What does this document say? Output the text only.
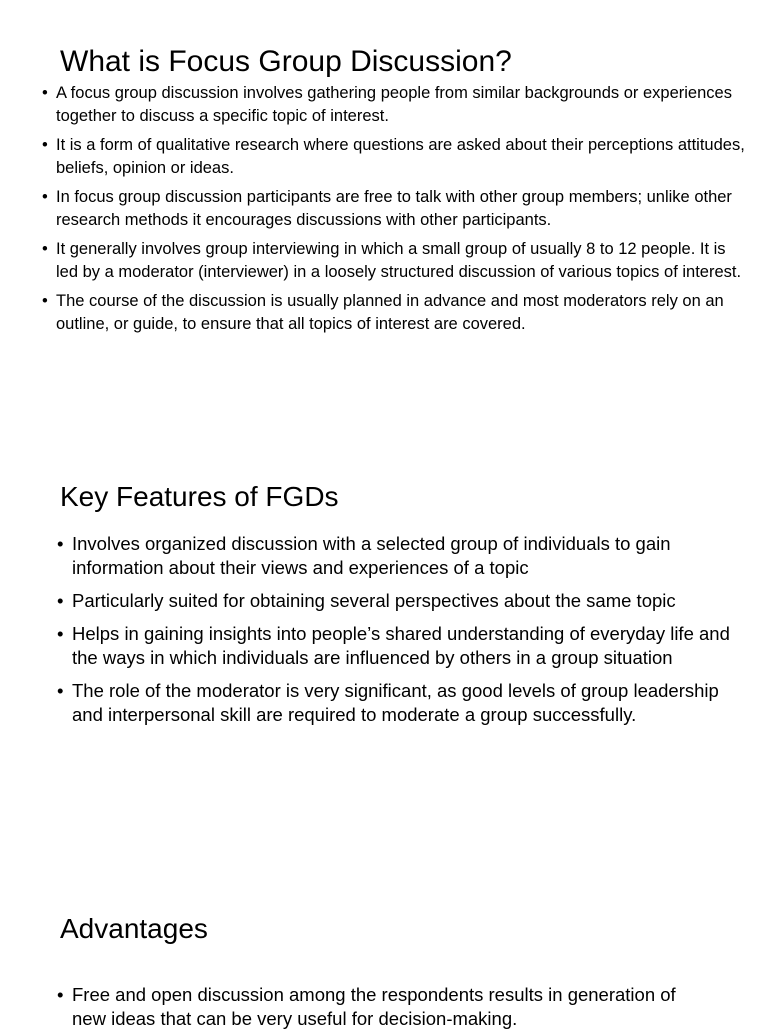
What is Focus Group Discussion?
• A focus group discussion involves gathering people from similar backgrounds or experiences together to discuss a specific topic of interest.
• It is a form of qualitative research where questions are asked about their perceptions attitudes, beliefs, opinion or ideas.
• In focus group discussion participants are free to talk with other group members; unlike other research methods it encourages discussions with other participants.
• It generally involves group interviewing in which a small group of usually 8 to 12 people. It is led by a moderator (interviewer) in a loosely structured discussion of various topics of interest.
• The course of the discussion is usually planned in advance and most moderators rely on an outline, or guide, to ensure that all topics of interest are covered.
Key Features of FGDs
• Involves organized discussion with a selected group of individuals to gain information about their views and experiences of a topic
• Particularly suited for obtaining several perspectives about the same topic
• Helps in gaining insights into people’s shared understanding of everyday life and the ways in which individuals are influenced by others in a group situation
• The role of the moderator is very significant, as good levels of group leadership and interpersonal skill are required to moderate a group successfully.
Advantages
• Free and open discussion among the respondents results in generation of new ideas that can be very useful for decision-making.
